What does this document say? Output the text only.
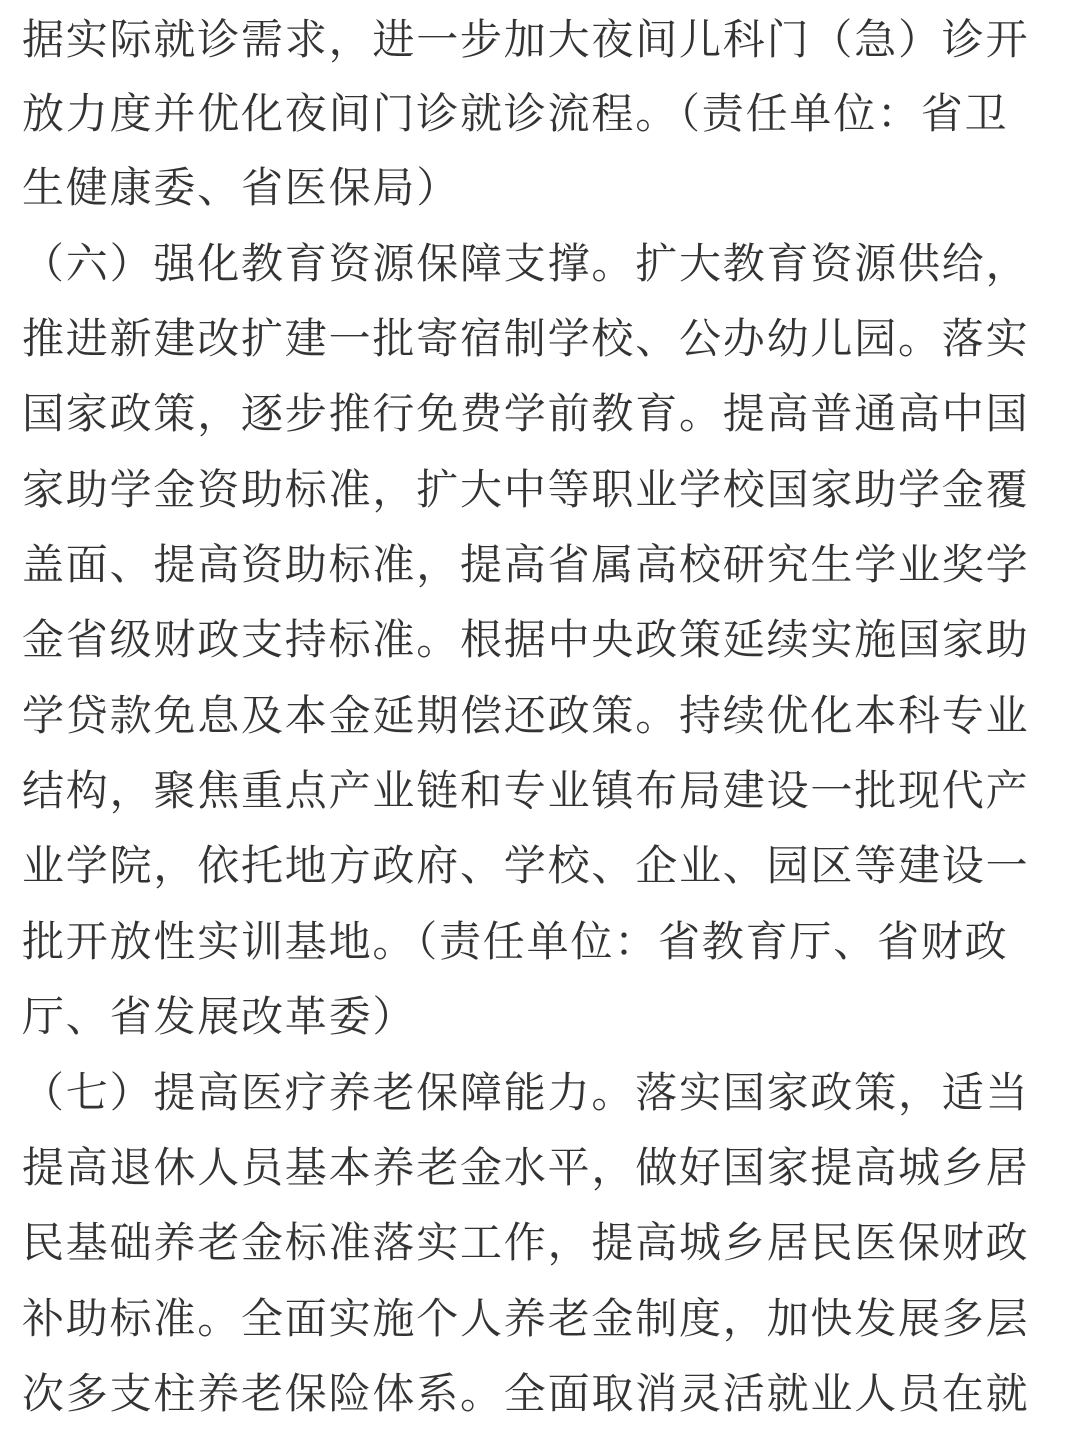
据实际就诊需求，进一步加大夜间儿科门（急）诊开
放力度并优化夜间门诊就诊流程。（责任单位：省卫
生健康委、省医保局）
（六）强化教育资源保障支撑。扩大教育资源供给，
推进新建改扩建一批寄宿制学校、公办幼儿园。落实
国家政策，逐步推行免费学前教育。提高普通高中国
家助学金资助标准，扩大中等职业学校国家助学金覆
盖面、提高资助标准，提高省属高校研究生学业奖学
金省级财政支持标准。根据中央政策延续实施国家助
学贷款免息及本金延期偿还政策。持续优化本科专业
结构，聚焦重点产业链和专业镇布局建设一批现代产
业学院，依托地方政府、学校、企业、园区等建设一
批开放性实训基地。（责任单位：省教育厅、省财政
厅、省发展改革委）
（七）提高医疗养老保障能力。落实国家政策，适当
提高退休人员基本养老金水平，做好国家提高城乡居
民基础养老金标准落实工作，提高城乡居民医保财政
补助标准。全面实施个人养老金制度，加快发展多层
次多支柱养老保险体系。全面取消灵活就业人员在就
